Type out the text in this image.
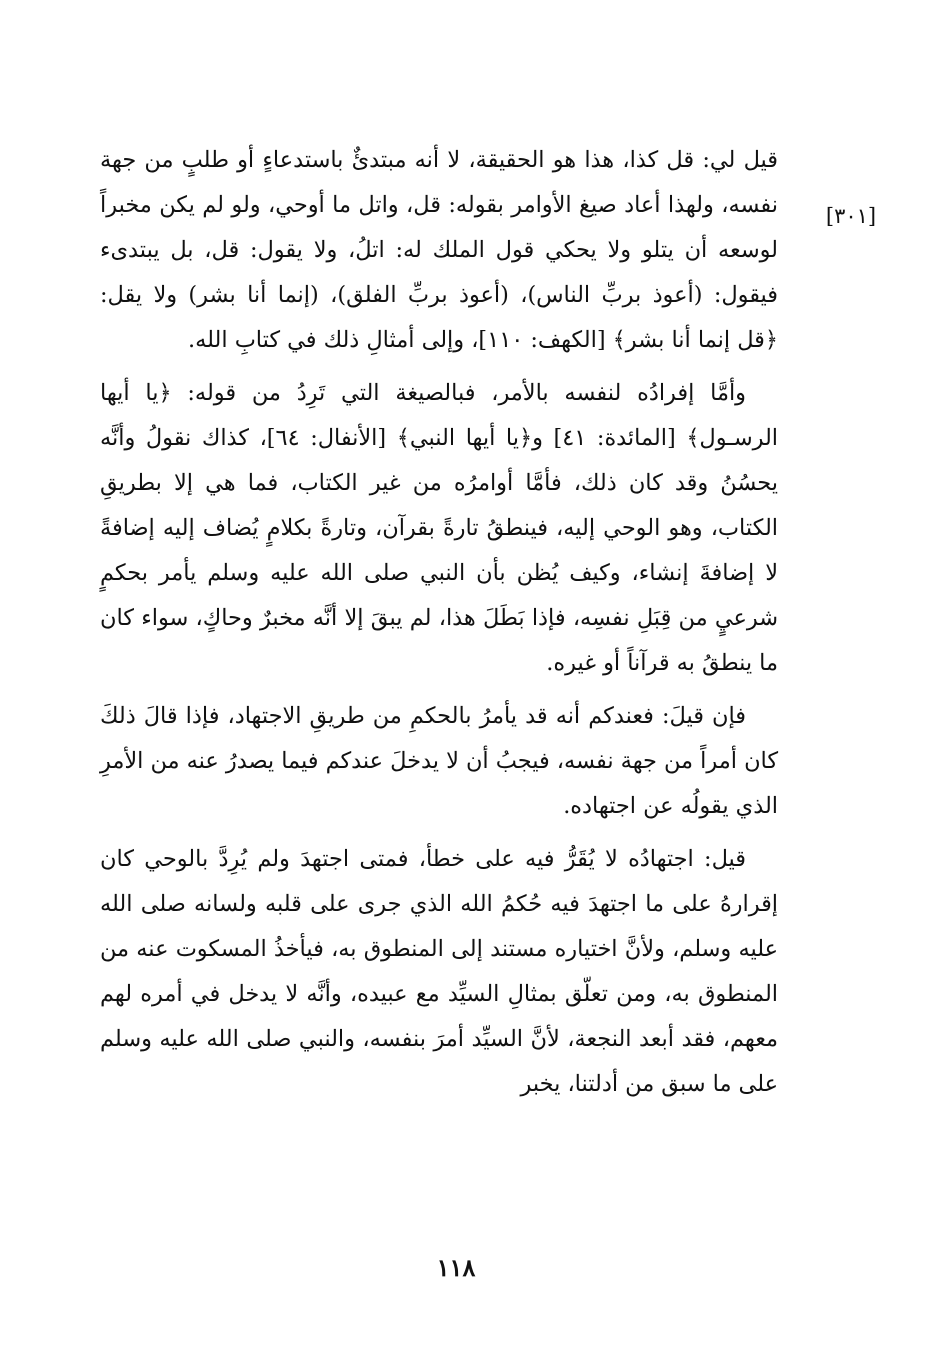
[٣٠١]

قيل لي: قل كذا، هذا هو الحقيقة، لا أنه مبتدئٌ باستدعاءٍ أو طلبٍ من جهة نفسه، ولهذا أعاد صيغ الأوامر بقوله: قل، واتل ما أوحي، ولو لم يكن مخبراً لوسعه أن يتلو ولا يحكي قول الملك له: اتلُ، ولا يقول: قل، بل يبتدىء فيقول: (أعوذ بربِّ الناس)، (أعوذ بربِّ الفلق)، (إنما أنا بشر) ولا يقل: ﴿قل إنما أنا بشر﴾ [الكهف: ١١٠]، وإلى أمثالِ ذلك في كتابِ الله.

وأمَّا إفرادُه لنفسه بالأمر، فبالصيغة التي تَرِدُ من قوله: ﴿يا أيها الرسـول﴾ [المائدة: ٤١] و﴿يا أيها النبي﴾ [الأنفال: ٦٤]، كذاك نقولُ وأنَّه يحسُنُ وقد كان ذلك، فأمَّا أوامرُه من غير الكتاب، فما هي إلا بطريقِ الكتاب، وهو الوحي إليه، فينطقُ تارةً بقرآن، وتارةً بكلامٍ يُضاف إليه إضافةً لا إضافةَ إنشاء، وكيف يُظن بأن النبي صلى الله عليه وسلم يأمر بحكمٍ شرعيٍ من قِبَلِ نفسِه، فإذا بَطَلَ هذا، لم يبقَ إلا أنَّه مخبرٌ وحاكٍ، سواء كان ما ينطقُ به قرآناً أو غيره.

فإن قيلَ: فعندكم أنه قد يأمرُ بالحكمِ من طريقِ الاجتهاد، فإذا قالَ ذلكَ كان أمراً من جهة نفسه، فيجبُ أن لا يدخلَ عندكم فيما يصدرُ عنه من الأمرِ الذي يقولُه عن اجتهاده.

قيل: اجتهادُه لا يُقَرُّ فيه على خطأ، فمتى اجتهدَ ولم يُرِدَّ بالوحي كان إقرارهُ على ما اجتهدَ فيه حُكمُ الله الذي جرى على قلبه ولسانه صلى الله عليه وسلم، ولأنَّ اختياره مستند إلى المنطوق به، فيأخذُ المسكوت عنه من المنطوق به، ومن تعلّق بمثالِ السيِّد مع عبيده، وأنَّه لا يدخل في أمره لهم معهم، فقد أبعد النجعة، لأنَّ السيِّد أمرَ بنفسه، والنبي صلى الله عليه وسلم على ما سبق من أدلتنا، يخبر

١١٨
